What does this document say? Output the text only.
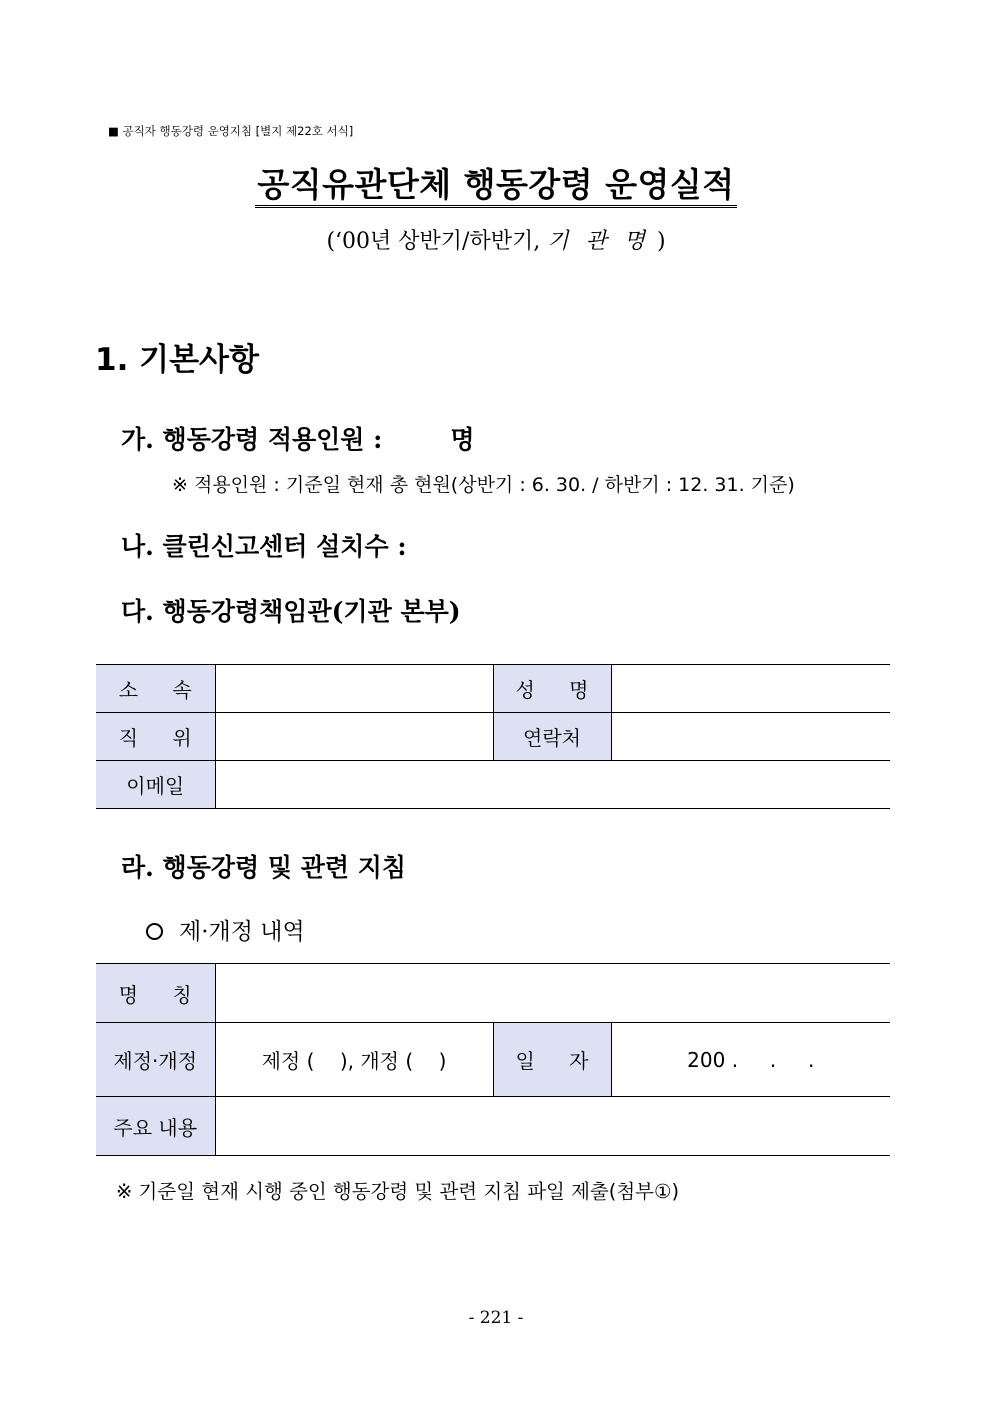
■ 공직자 행동강령 운영지침 [별지 제22호 서식]
공직유관단체 행동강령 운영실적
(‘00년 상반기/하반기, 기 관 명 )
1. 기본사항
가. 행동강령 적용인원 :	명
※ 적용인원 : 기준일 현재 총 현원(상반기 : 6. 30. / 하반기 : 12. 31. 기준)
나. 클린신고센터 설치수 :
다. 행동강령책임관(기관 본부)
소 속		성 명	
직 위		연락처	
이메일			
라. 행동강령 및 관련 지침
제·개정 내역
명 칭			
제정·개정	제정 (    ), 개정 (    )	일 자	200 .     .     .
주요 내용			
※ 기준일 현재 시행 중인 행동강령 및 관련 지침 파일 제출(첨부①)
- 221 -
